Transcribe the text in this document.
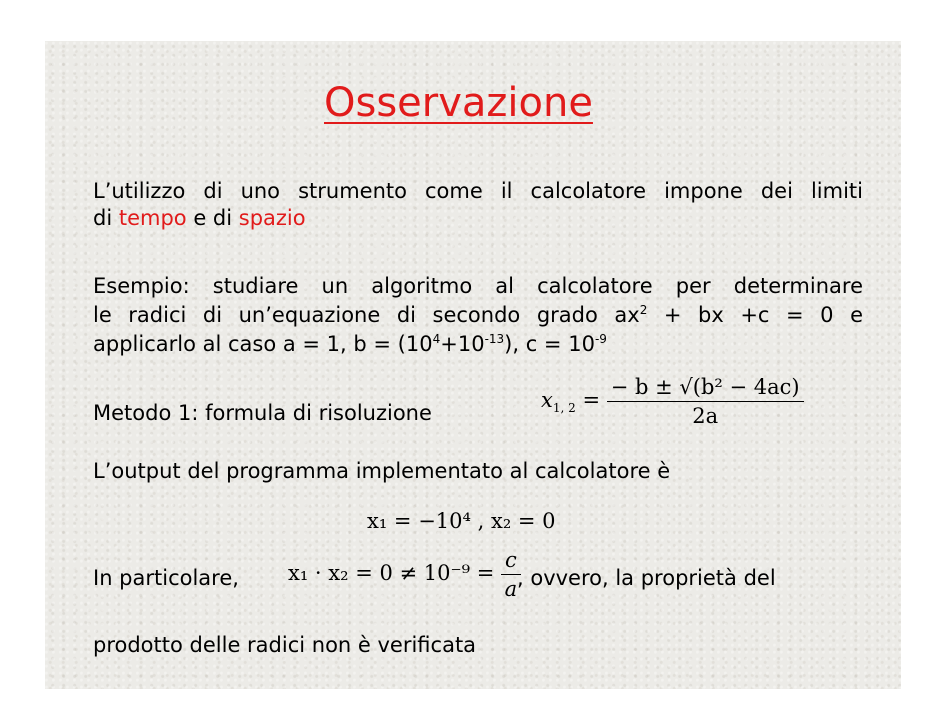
Osservazione
L’utilizzo di uno strumento come il calcolatore impone dei limiti
di tempo e di spazio
Esempio: studiare un algoritmo al calcolatore per determinare
le radici di un’equazione di secondo grado $ax^2$ + bx +c = 0 e
applicarlo al caso a = 1, $b = (10^4+10^{-13})$, $c = 10^{-9}$
Metodo 1: formula di risoluzione
$x_{1, 2} = \frac{\text{− b ± √(b² − 4ac)}}{2a}$
L’output del programma implementato al calcolatore è
x₁ = −10⁴ , x₂ = 0
In particolare, $x_1 \cdot x_2 = 0 \ne 10^{-9} = \frac{c}{a}$
, ovvero, la proprietà del
prodotto delle radici non è verificata
